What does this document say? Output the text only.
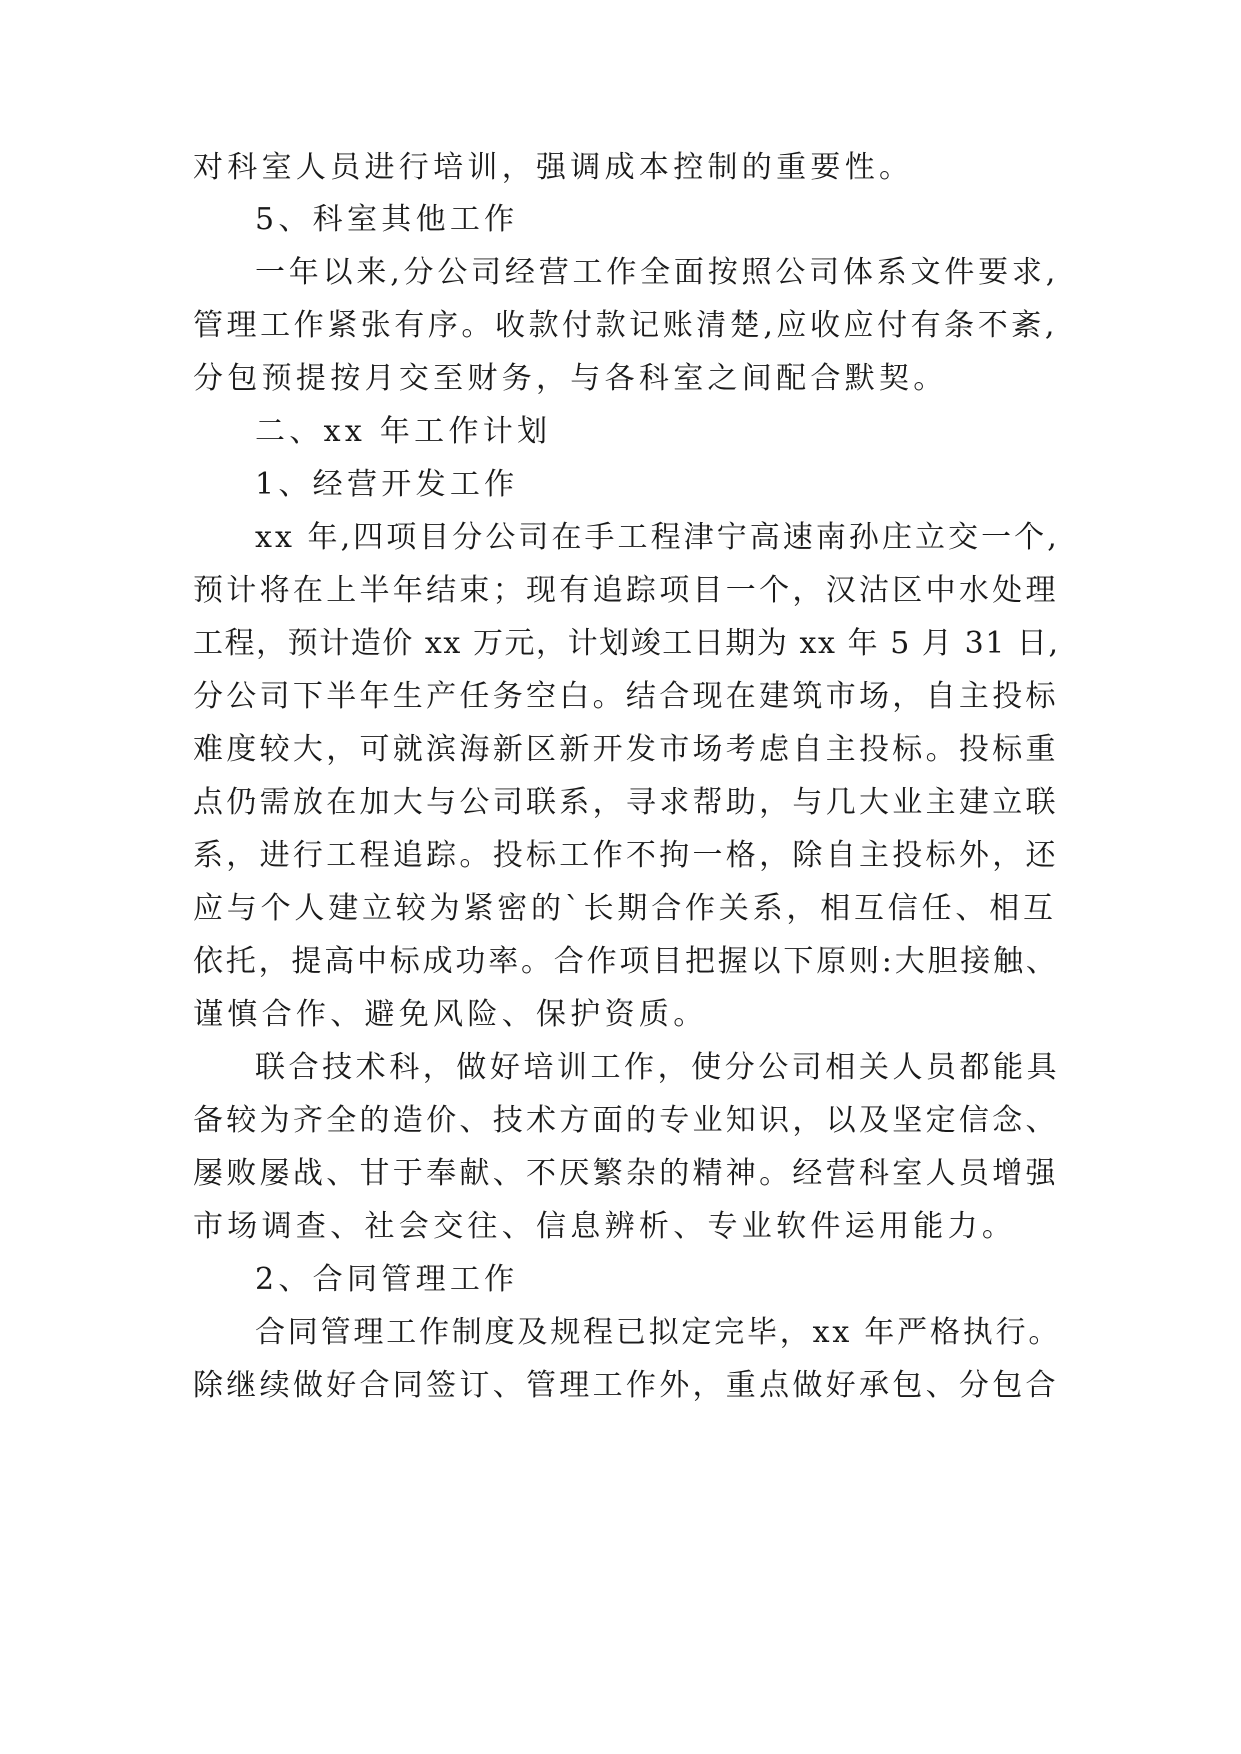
对科室人员进行培训，强调成本控制的重要性。
5、科室其他工作
一年以来,分公司经营工作全面按照公司体系文件要求,
管理工作紧张有序。收款付款记账清楚,应收应付有条不紊,
分包预提按月交至财务，与各科室之间配合默契。
二、xx 年工作计划
1、经营开发工作
xx 年,四项目分公司在手工程津宁高速南孙庄立交一个,
预计将在上半年结束；现有追踪项目一个，汉沽区中水处理
工程，预计造价 xx 万元，计划竣工日期为 xx 年 5 月 31 日,
分公司下半年生产任务空白。结合现在建筑市场，自主投标
难度较大，可就滨海新区新开发市场考虑自主投标。投标重
点仍需放在加大与公司联系，寻求帮助，与几大业主建立联
系，进行工程追踪。投标工作不拘一格，除自主投标外，还
应与个人建立较为紧密的`长期合作关系，相互信任、相互
依托，提高中标成功率。合作项目把握以下原则:大胆接触、
谨慎合作、避免风险、保护资质。
联合技术科，做好培训工作，使分公司相关人员都能具
备较为齐全的造价、技术方面的专业知识，以及坚定信念、
屡败屡战、甘于奉献、不厌繁杂的精神。经营科室人员增强
市场调查、社会交往、信息辨析、专业软件运用能力。
2、合同管理工作
合同管理工作制度及规程已拟定完毕，xx 年严格执行。
除继续做好合同签订、管理工作外，重点做好承包、分包合
